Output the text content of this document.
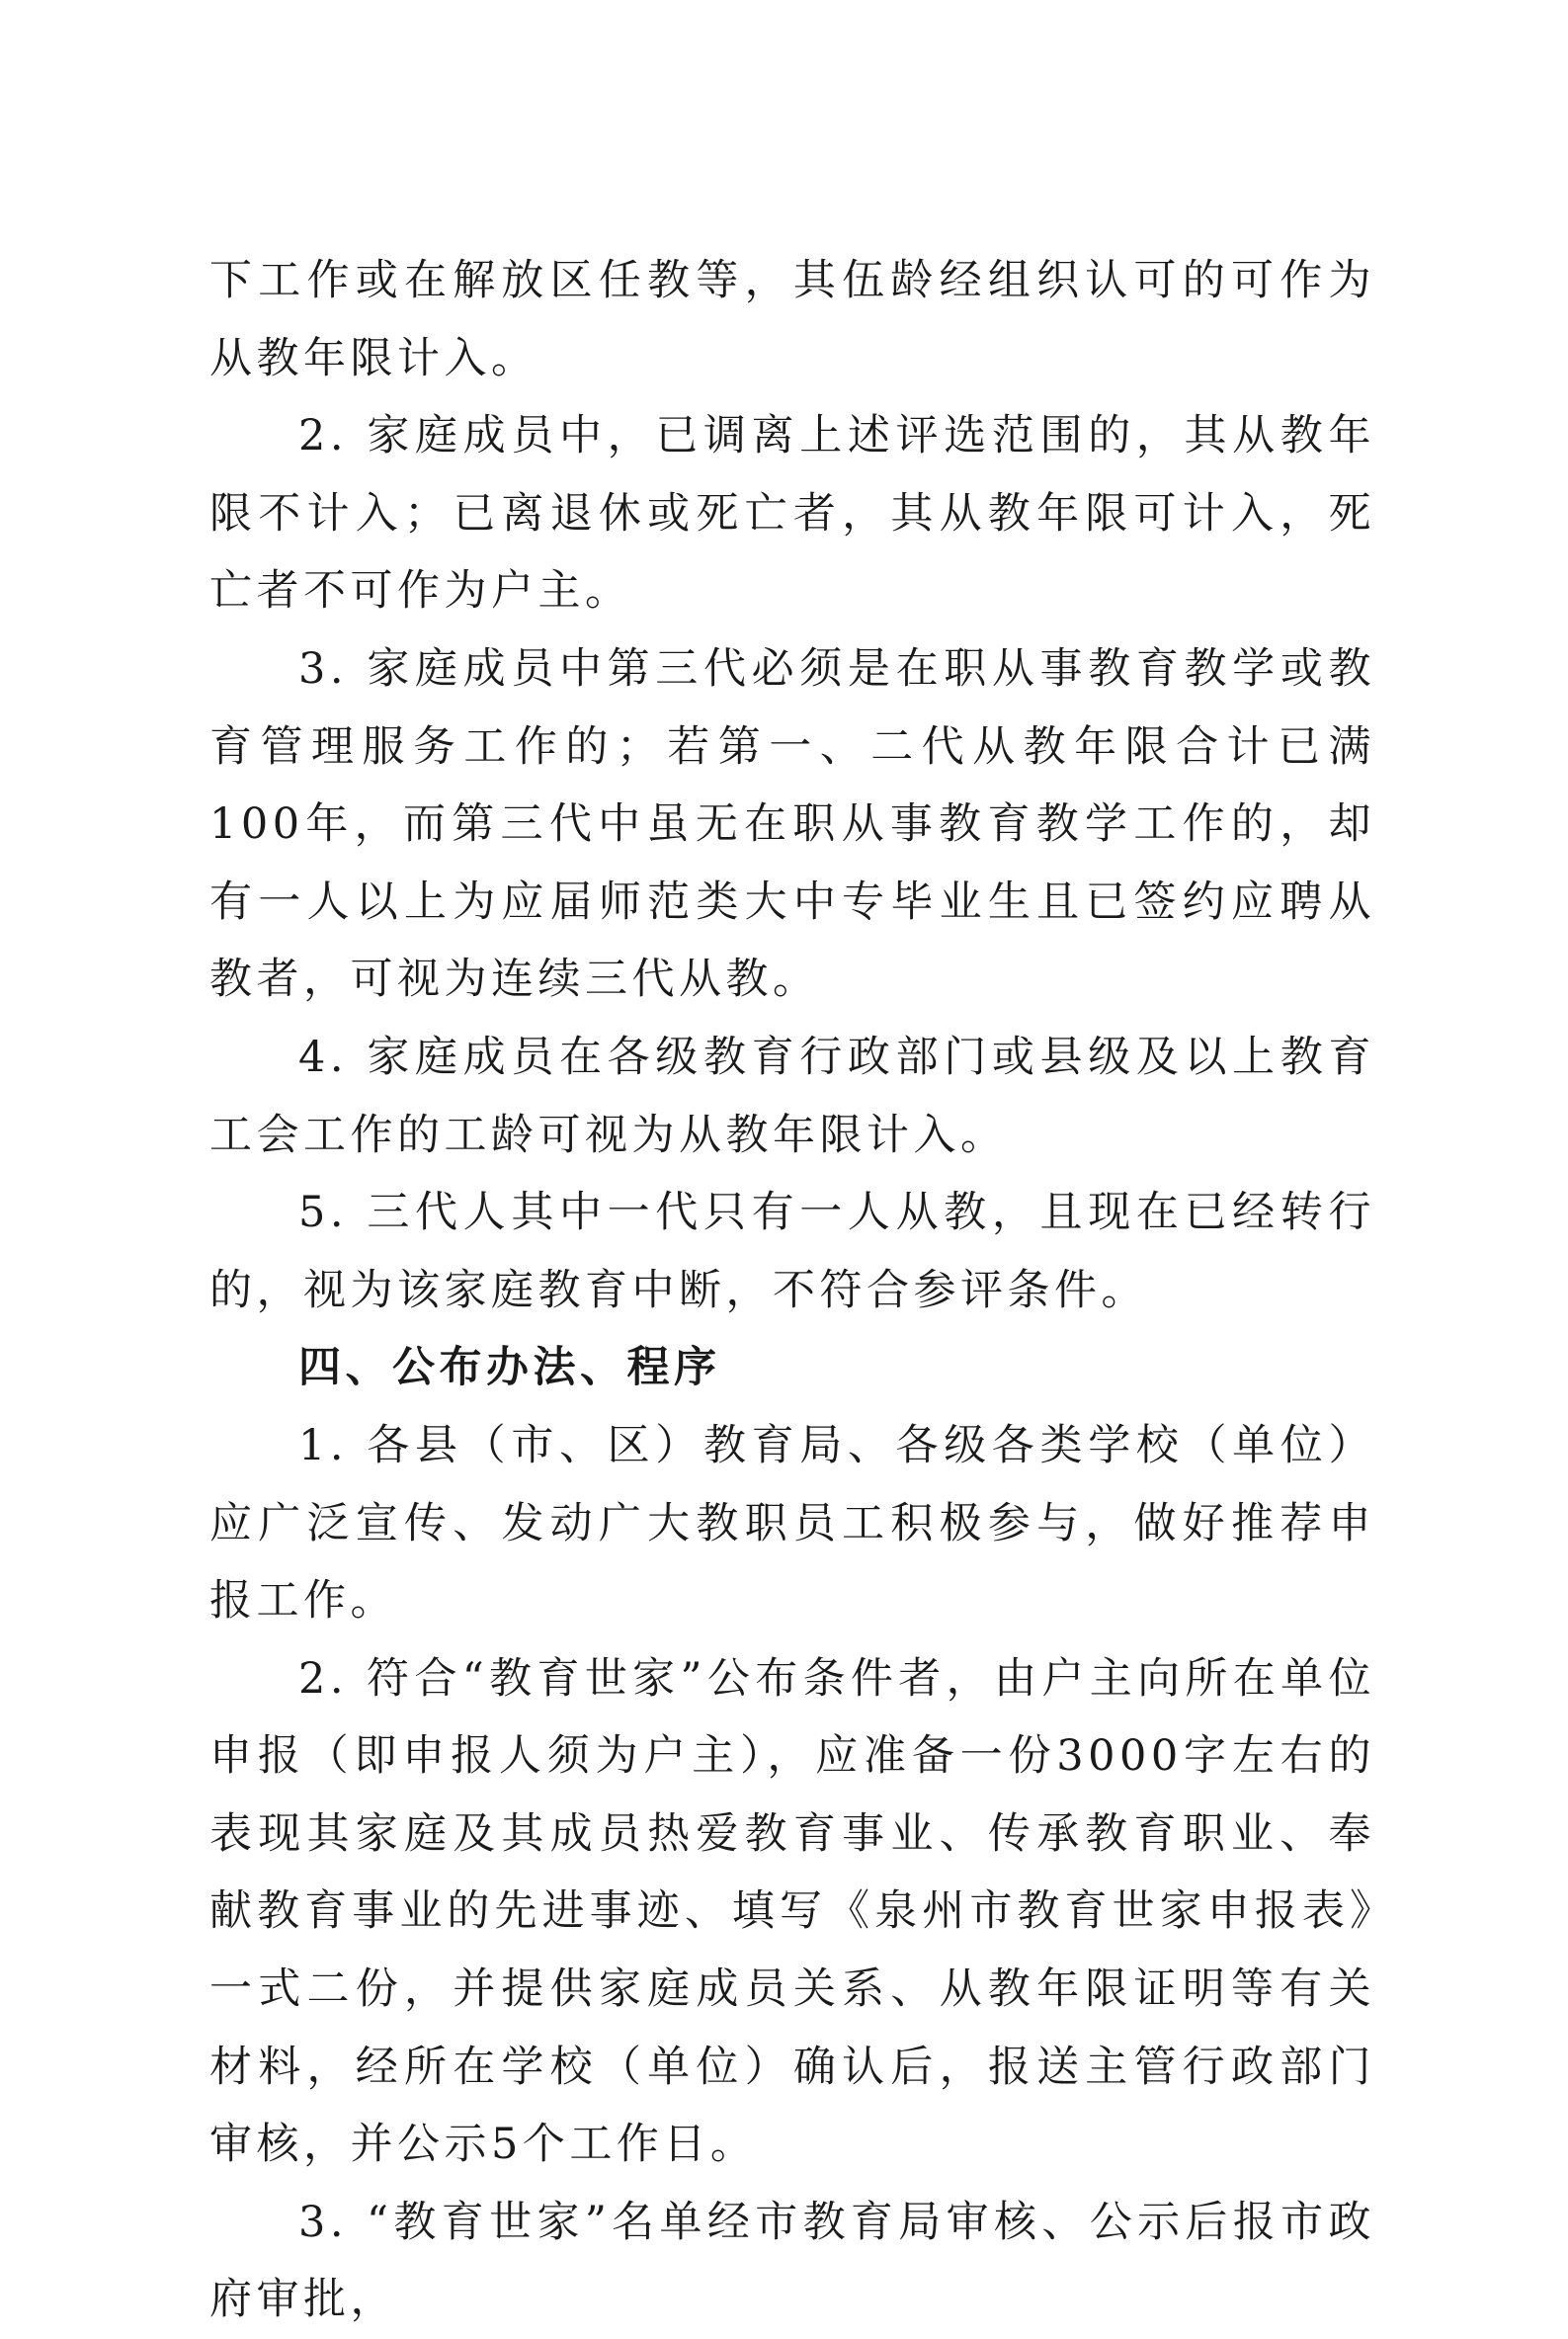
下工作或在解放区任教等，其伍龄经组织认可的可作为从教年限计入。

2. 家庭成员中，已调离上述评选范围的，其从教年限不计入；已离退休或死亡者，其从教年限可计入，死亡者不可作为户主。

3. 家庭成员中第三代必须是在职从事教育教学或教育管理服务工作的；若第一、二代从教年限合计已满100年，而第三代中虽无在职从事教育教学工作的，却有一人以上为应届师范类大中专毕业生且已签约应聘从教者，可视为连续三代从教。

4. 家庭成员在各级教育行政部门或县级及以上教育工会工作的工龄可视为从教年限计入。

5. 三代人其中一代只有一人从教，且现在已经转行的，视为该家庭教育中断，不符合参评条件。

四、公布办法、程序

1. 各县（市、区）教育局、各级各类学校（单位）应广泛宣传、发动广大教职员工积极参与，做好推荐申报工作。

2. 符合“教育世家”公布条件者，由户主向所在单位申报（即申报人须为户主），应准备一份3000字左右的表现其家庭及其成员热爱教育事业、传承教育职业、奉献教育事业的先进事迹、填写《泉州市教育世家申报表》一式二份，并提供家庭成员关系、从教年限证明等有关材料，经所在学校（单位）确认后，报送主管行政部门审核，并公示5个工作日。

3. “教育世家”名单经市教育局审核、公示后报市政府审批，
